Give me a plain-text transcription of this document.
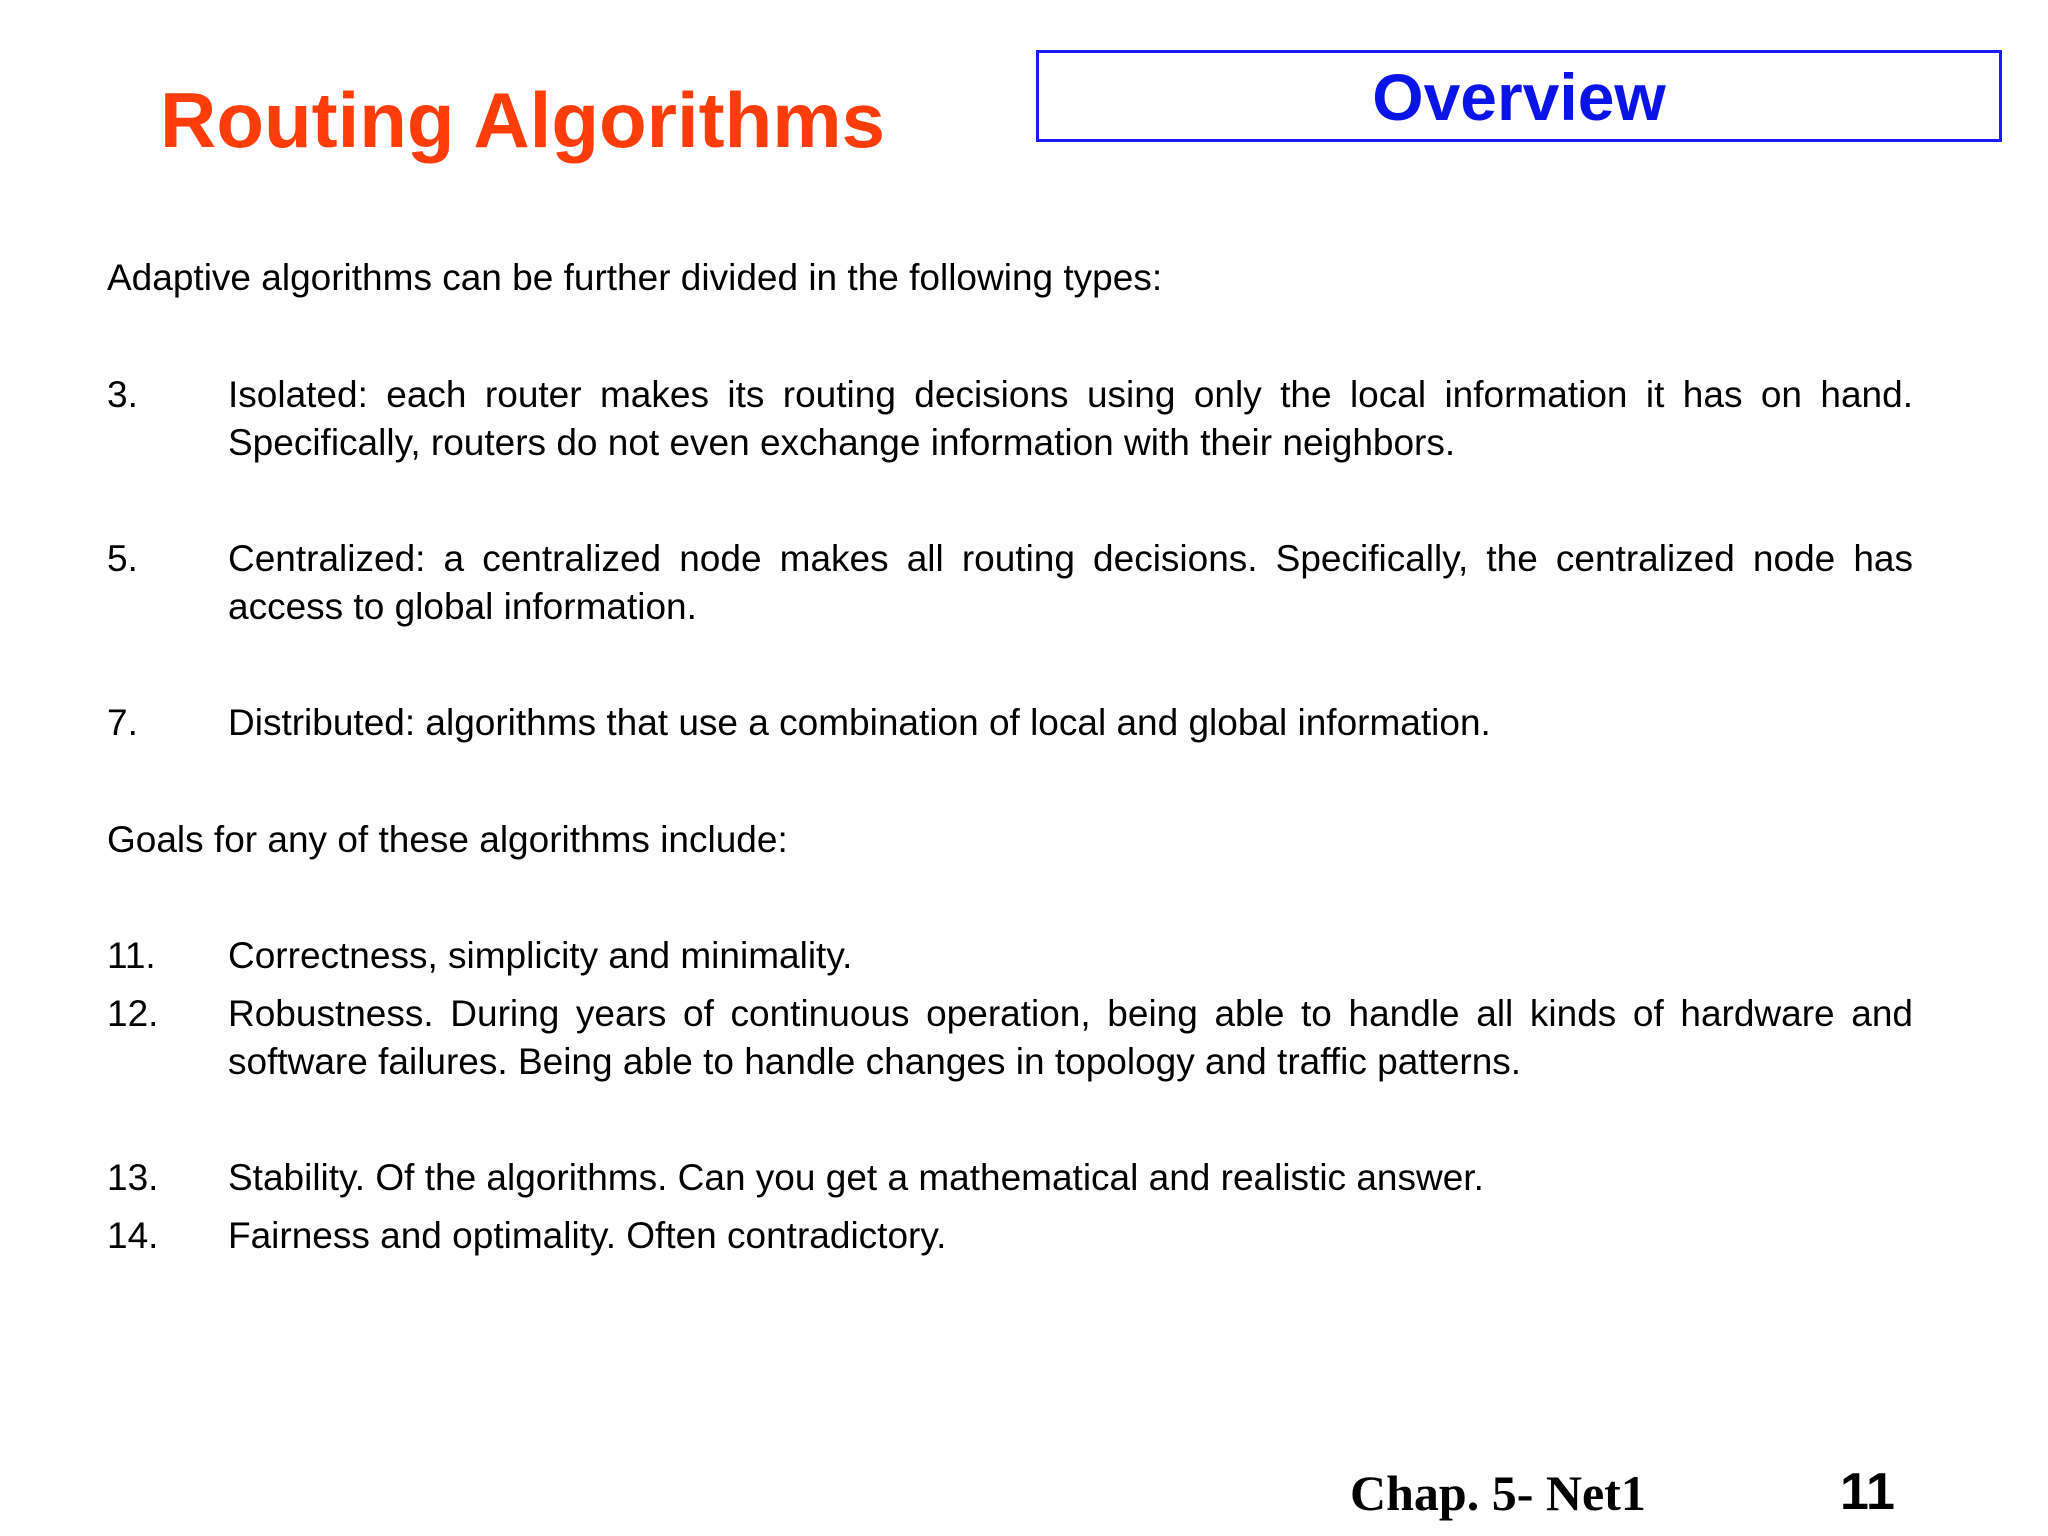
Routing Algorithms	Overview
Adaptive algorithms can be further divided in the following types:
3. Isolated: each router makes its routing decisions using only the local information it has on hand. Specifically, routers do not even exchange information with their neighbors.
5. Centralized: a centralized node makes all routing decisions. Specifically, the centralized node has access to global information.
7. Distributed: algorithms that use a combination of local and global information.
Goals for any of these algorithms include:
11. Correctness, simplicity and minimality.
12. Robustness. During years of continuous operation, being able to handle all kinds of hardware and software failures. Being able to handle changes in topology and traffic patterns.
13. Stability. Of the algorithms. Can you get a mathematical and realistic answer.
14. Fairness and optimality. Often contradictory.
Chap. 5- Net1	11
